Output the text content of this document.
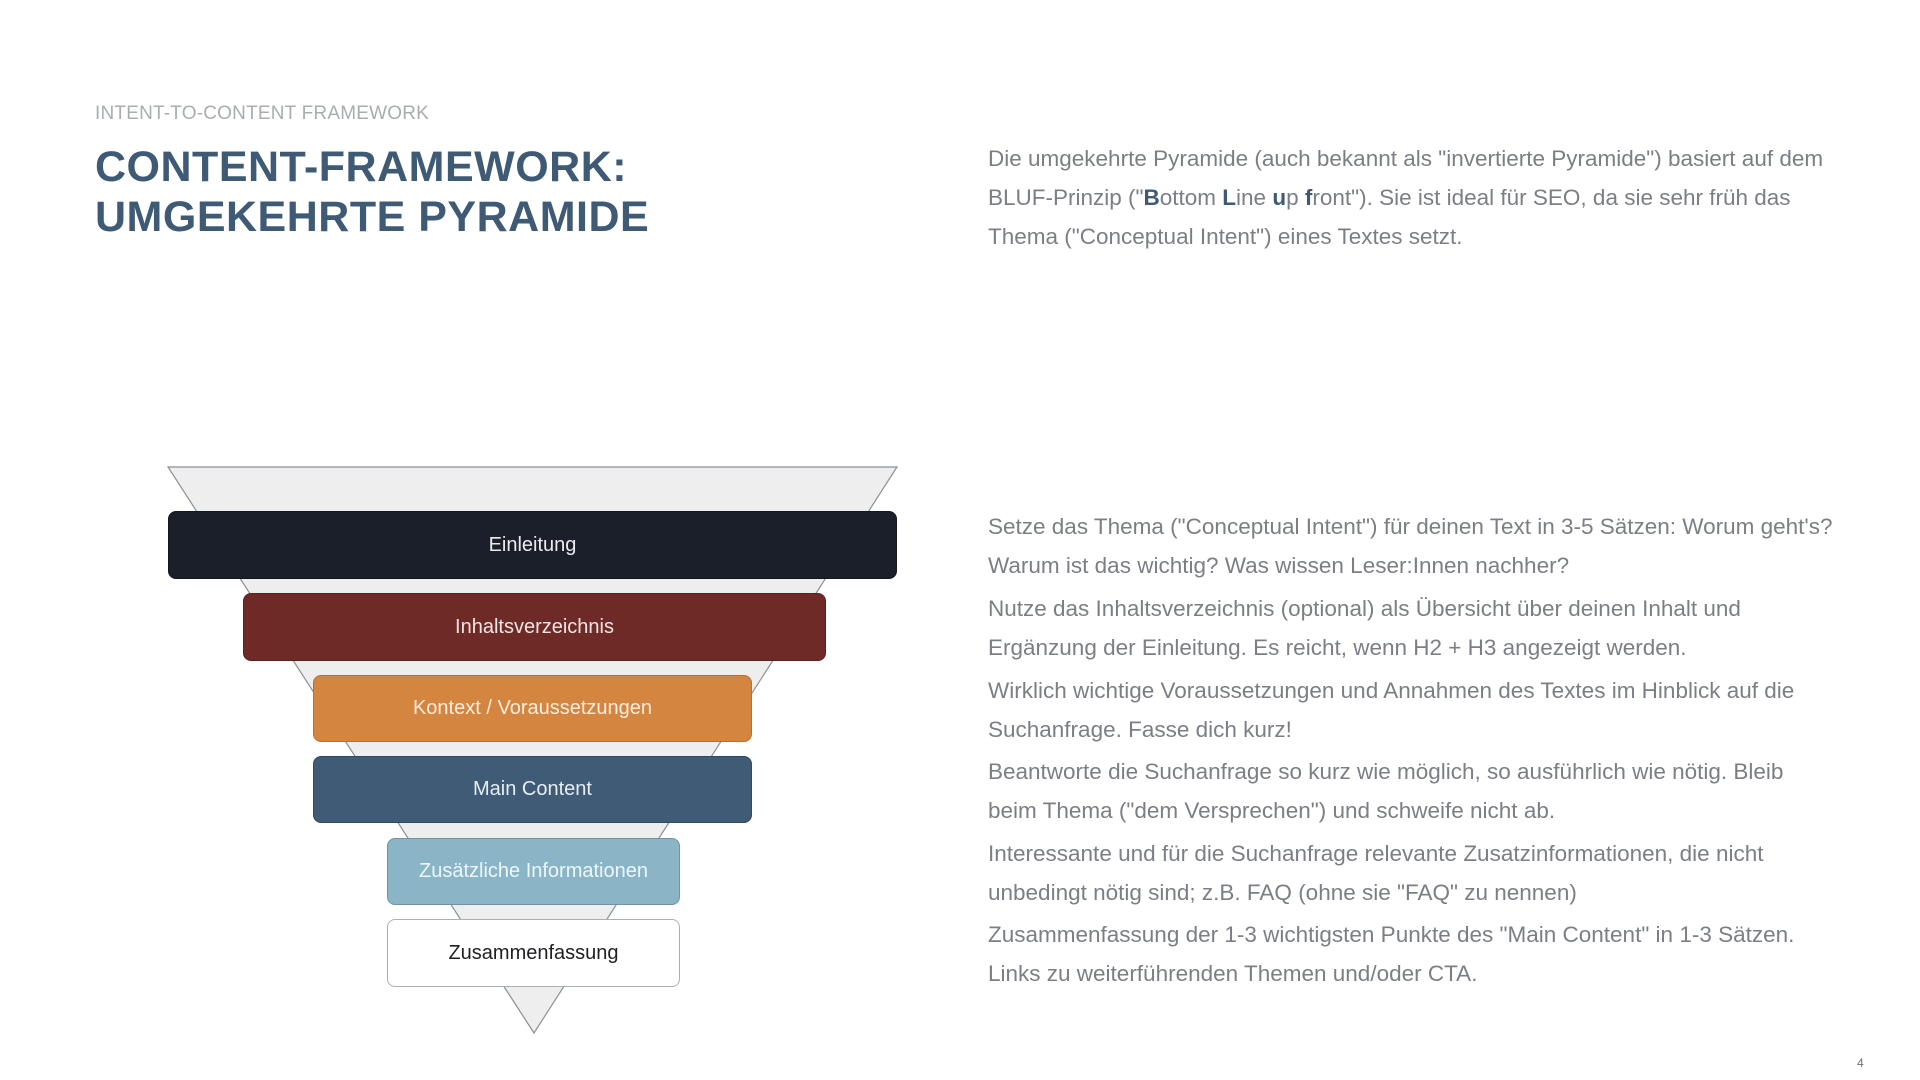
INTENT-TO-CONTENT FRAMEWORK
CONTENT-FRAMEWORK:
UMGEKEHRTE PYRAMIDE

Die umgekehrte Pyramide (auch bekannt als "invertierte Pyramide") basiert auf dem BLUF-Prinzip ("Bottom Line up front"). Sie ist ideal für SEO, da sie sehr früh das Thema ("Conceptual Intent") eines Textes setzt.

Einleitung
Inhaltsverzeichnis
Kontext / Voraussetzungen
Main Content
Zusätzliche Informationen
Zusammenfassung

Setze das Thema ("Conceptual Intent") für deinen Text in 3-5 Sätzen: Worum geht's? Warum ist das wichtig? Was wissen Leser:Innen nachher?

Nutze das Inhaltsverzeichnis (optional) als Übersicht über deinen Inhalt und Ergänzung der Einleitung. Es reicht, wenn H2 + H3 angezeigt werden.

Wirklich wichtige Voraussetzungen und Annahmen des Textes im Hinblick auf die Suchanfrage. Fasse dich kurz!

Beantworte die Suchanfrage so kurz wie möglich, so ausführlich wie nötig. Bleib beim Thema ("dem Versprechen") und schweife nicht ab.

Interessante und für die Suchanfrage relevante Zusatzinformationen, die nicht unbedingt nötig sind; z.B. FAQ (ohne sie "FAQ" zu nennen)

Zusammenfassung der 1-3 wichtigsten Punkte des "Main Content" in 1-3 Sätzen. Links zu weiterführenden Themen und/oder CTA.

4
